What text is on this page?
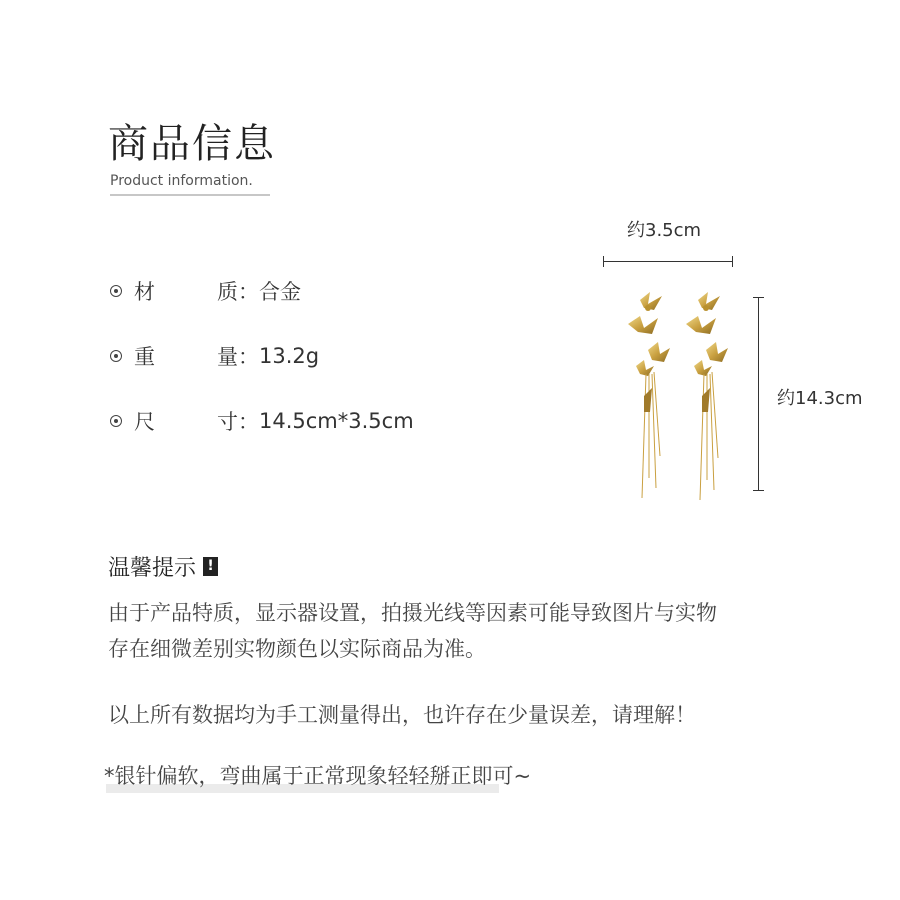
商品信息
Product information.
材	质 ： 合金
重	量 ： 13.2g
尺	寸 ： 14.5cm*3.5cm
约3.5cm
约14.3cm
温馨提示 !
由于产品特质，显示器设置，拍摄光线等因素可能导致图片与实物
存在细微差别实物颜色以实际商品为准。
以上所有数据均为手工测量得出，也许存在少量误差，请理解！
*银针偏软，弯曲属于正常现象轻轻掰正即可~
